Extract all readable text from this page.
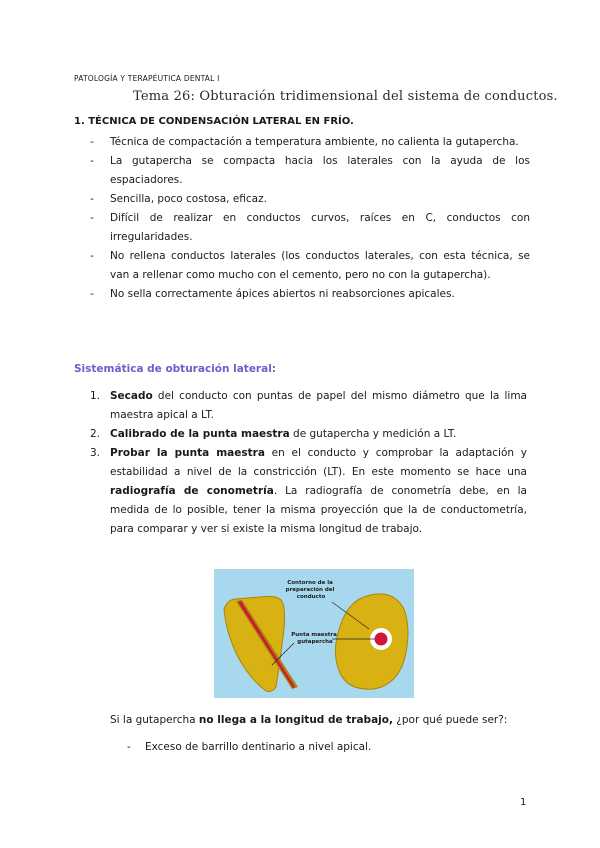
PATOLOGÍA Y TERAPÉUTICA DENTAL I
Tema 26: Obturación tridimensional del sistema de conductos.
1. TÉCNICA DE CONDENSACIÓN LATERAL EN FRÍO.
- Técnica de compactación a temperatura ambiente, no calienta la gutapercha.
- La gutapercha se compacta hacia los laterales con la ayuda de los espaciadores.
- Sencilla, poco costosa, eficaz.
- Difícil de realizar en conductos curvos, raíces en C, conductos con irregularidades.
- No rellena conductos laterales (los conductos laterales, con esta técnica, se van a rellenar como mucho con el cemento, pero no con la gutapercha).
- No sella correctamente ápices abiertos ni reabsorciones apicales.
Sistemática de obturación lateral:
1. Secado del conducto con puntas de papel del mismo diámetro que la lima maestra apical a LT.
2. Calibrado de la punta maestra de gutapercha y medición a LT.
3. Probar la punta maestra en el conducto y comprobar la adaptación y estabilidad a nivel de la constricción (LT). En este momento se hace una radiografía de conometría. La radiografía de conometría debe, en la medida de lo posible, tener la misma proyección que la de conductometría, para comparar y ver si existe la misma longitud de trabajo.
Contorno de la preparación del conducto
Punta maestra gutapercha
Si la gutapercha no llega a la longitud de trabajo, ¿por qué puede ser?:
- Exceso de barrillo dentinario a nivel apical.
1
